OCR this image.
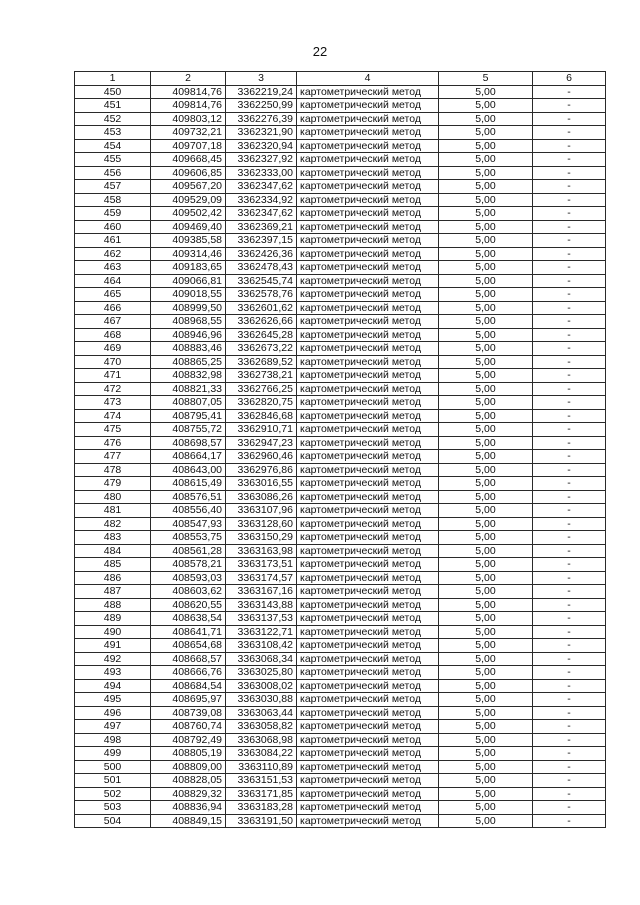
22
1	2	3	4	5	6
450	409814,76	3362219,24	картометрический метод	5,00	-
451	409814,76	3362250,99	картометрический метод	5,00	-
452	409803,12	3362276,39	картометрический метод	5,00	-
453	409732,21	3362321,90	картометрический метод	5,00	-
454	409707,18	3362320,94	картометрический метод	5,00	-
455	409668,45	3362327,92	картометрический метод	5,00	-
456	409606,85	3362333,00	картометрический метод	5,00	-
457	409567,20	3362347,62	картометрический метод	5,00	-
458	409529,09	3362334,92	картометрический метод	5,00	-
459	409502,42	3362347,62	картометрический метод	5,00	-
460	409469,40	3362369,21	картометрический метод	5,00	-
461	409385,58	3362397,15	картометрический метод	5,00	-
462	409314,46	3362426,36	картометрический метод	5,00	-
463	409183,65	3362478,43	картометрический метод	5,00	-
464	409066,81	3362545,74	картометрический метод	5,00	-
465	409018,55	3362578,76	картометрический метод	5,00	-
466	408999,50	3362601,62	картометрический метод	5,00	-
467	408968,55	3362626,66	картометрический метод	5,00	-
468	408946,96	3362645,28	картометрический метод	5,00	-
469	408883,46	3362673,22	картометрический метод	5,00	-
470	408865,25	3362689,52	картометрический метод	5,00	-
471	408832,98	3362738,21	картометрический метод	5,00	-
472	408821,33	3362766,25	картометрический метод	5,00	-
473	408807,05	3362820,75	картометрический метод	5,00	-
474	408795,41	3362846,68	картометрический метод	5,00	-
475	408755,72	3362910,71	картометрический метод	5,00	-
476	408698,57	3362947,23	картометрический метод	5,00	-
477	408664,17	3362960,46	картометрический метод	5,00	-
478	408643,00	3362976,86	картометрический метод	5,00	-
479	408615,49	3363016,55	картометрический метод	5,00	-
480	408576,51	3363086,26	картометрический метод	5,00	-
481	408556,40	3363107,96	картометрический метод	5,00	-
482	408547,93	3363128,60	картометрический метод	5,00	-
483	408553,75	3363150,29	картометрический метод	5,00	-
484	408561,28	3363163,98	картометрический метод	5,00	-
485	408578,21	3363173,51	картометрический метод	5,00	-
486	408593,03	3363174,57	картометрический метод	5,00	-
487	408603,62	3363167,16	картометрический метод	5,00	-
488	408620,55	3363143,88	картометрический метод	5,00	-
489	408638,54	3363137,53	картометрический метод	5,00	-
490	408641,71	3363122,71	картометрический метод	5,00	-
491	408654,68	3363108,42	картометрический метод	5,00	-
492	408668,57	3363068,34	картометрический метод	5,00	-
493	408666,76	3363025,80	картометрический метод	5,00	-
494	408684,54	3363008,02	картометрический метод	5,00	-
495	408695,97	3363030,88	картометрический метод	5,00	-
496	408739,08	3363063,44	картометрический метод	5,00	-
497	408760,74	3363058,82	картометрический метод	5,00	-
498	408792,49	3363068,98	картометрический метод	5,00	-
499	408805,19	3363084,22	картометрический метод	5,00	-
500	408809,00	3363110,89	картометрический метод	5,00	-
501	408828,05	3363151,53	картометрический метод	5,00	-
502	408829,32	3363171,85	картометрический метод	5,00	-
503	408836,94	3363183,28	картометрический метод	5,00	-
504	408849,15	3363191,50	картометрический метод	5,00	-
